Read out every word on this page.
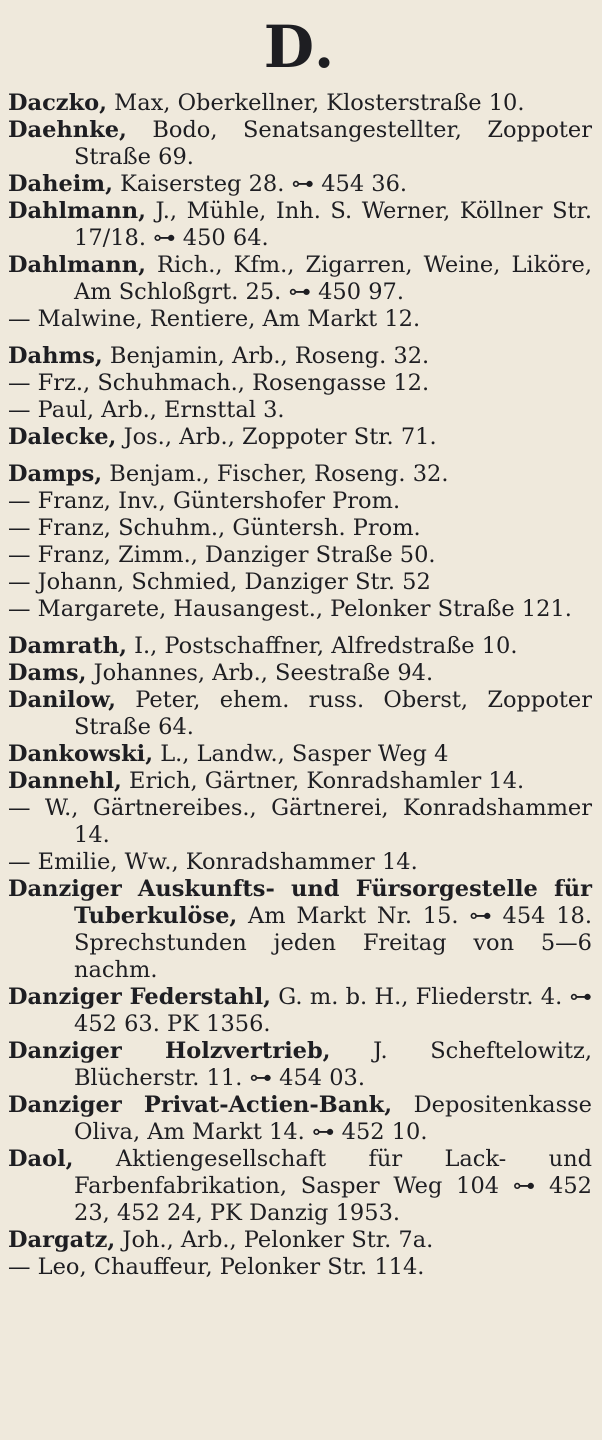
D.
Daczko, Max, Oberkellner, Klosterstraße 10.
Daehnke, Bodo, Senatsangestellter, Zoppoter Straße 69.
Daheim, Kaisersteg 28. ⊶ 454 36.
Dahlmann, J., Mühle, Inh. S. Werner, Köllner Str. 17/18. ⊶ 450 64.
Dahlmann, Rich., Kfm., Zigarren, Weine, Liköre, Am Schloßgrt. 25. ⊶ 450 97.
— Malwine, Rentiere, Am Markt 12.
Dahms, Benjamin, Arb., Roseng. 32.
— Frz., Schuhmach., Rosengasse 12.
— Paul, Arb., Ernsttal 3.
Dalecke, Jos., Arb., Zoppoter Str. 71.
Damps, Benjam., Fischer, Roseng. 32.
— Franz, Inv., Güntershofer Prom.
— Franz, Schuhm., Güntersh. Prom.
— Franz, Zimm., Danziger Straße 50.
— Johann, Schmied, Danziger Str. 52
— Margarete, Hausangest., Pelonker Straße 121.
Damrath, I., Postschaffner, Alfredstraße 10.
Dams, Johannes, Arb., Seestraße 94.
Danilow, Peter, ehem. russ. Oberst, Zoppoter Straße 64.
Dankowski, L., Landw., Sasper Weg 4
Dannehl, Erich, Gärtner, Konradshamler 14.
— W., Gärtnereibes., Gärtnerei, Konradshammer 14.
— Emilie, Ww., Konradshammer 14.
Danziger Auskunfts- und Fürsorgestelle für Tuberkulöse, Am Markt Nr. 15. ⊶ 454 18. Sprechstunden jeden Freitag von 5—6 nachm.
Danziger Federstahl, G. m. b. H., Fliederstr. 4. ⊶ 452 63. PK 1356.
Danziger Holzvertrieb, J. Scheftelowitz, Blücherstr. 11. ⊶ 454 03.
Danziger Privat-Actien-Bank, Depositenkasse Oliva, Am Markt 14. ⊶ 452 10.
Daol, Aktiengesellschaft für Lack- und Farbenfabrikation, Sasper Weg 104 ⊶ 452 23, 452 24, PK Danzig 1953.
Dargatz, Joh., Arb., Pelonker Str. 7a.
— Leo, Chauffeur, Pelonker Str. 114.
